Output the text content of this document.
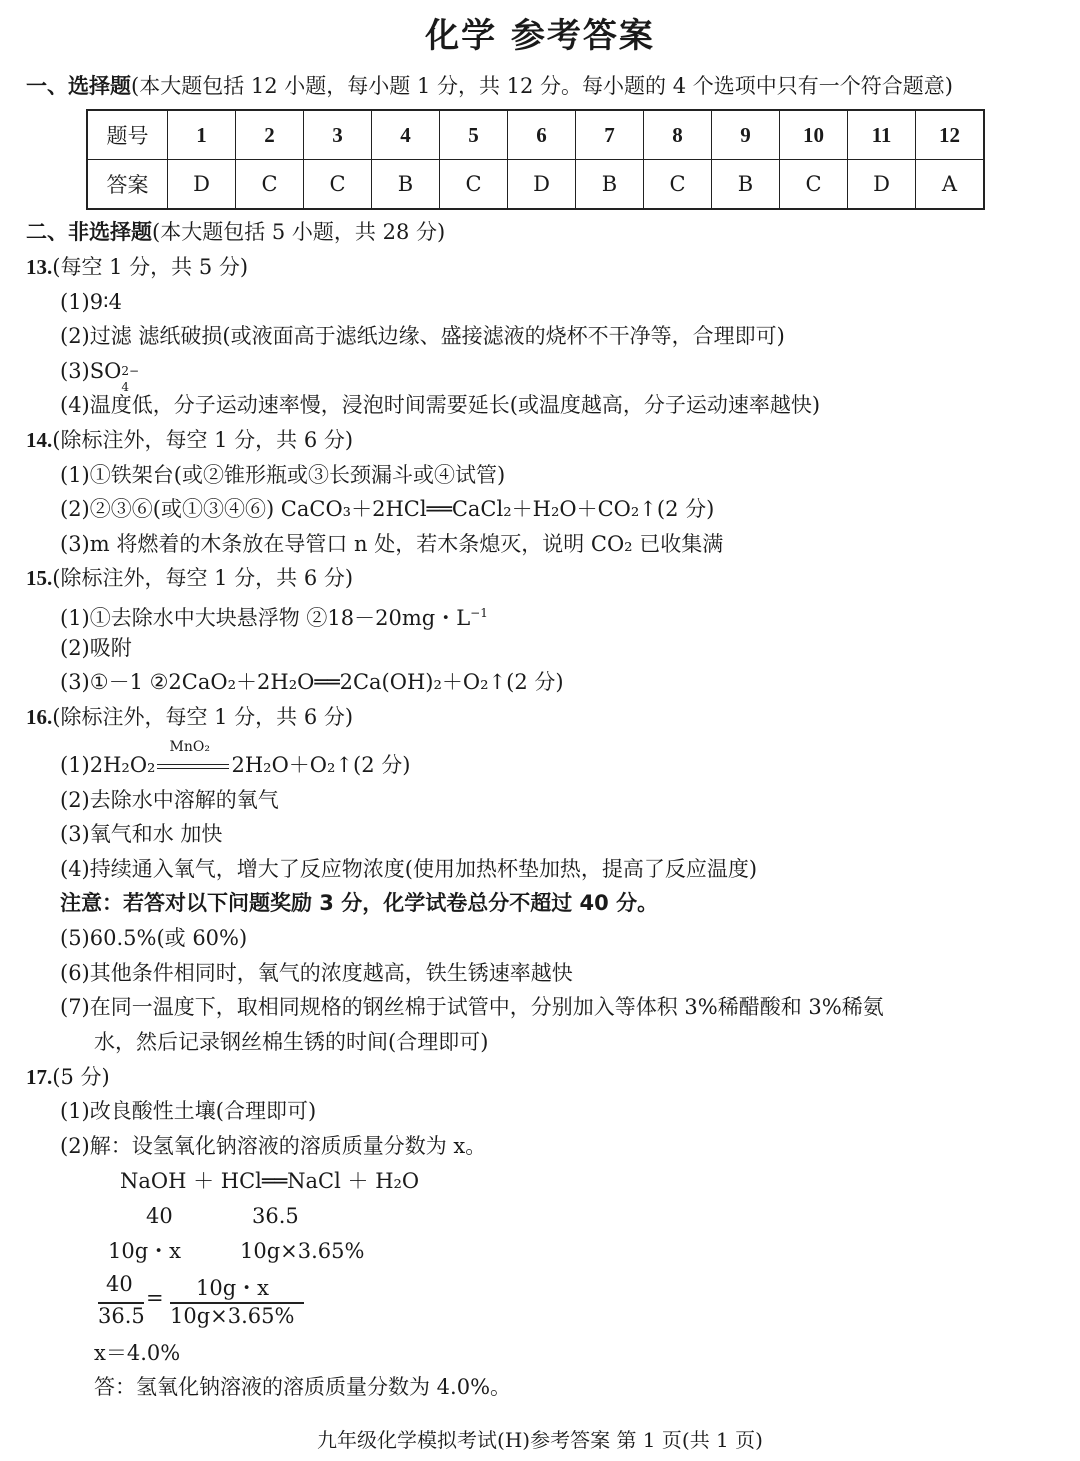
化学 参考答案
一、选择题(本大题包括 12 小题，每小题 1 分，共 12 分。每小题的 4 个选项中只有一个符合题意)
题号	1	2	3	4	5	6	7	8	9	10	11	12
答案	D	C	C	B	C	D	B	C	B	C	D	A
二、非选择题(本大题包括 5 小题，共 28 分)
13.(每空 1 分，共 5 分)
(1)9∶4
(2)过滤 滤纸破损(或液面高于滤纸边缘、盛接滤液的烧杯不干净等，合理即可)
(3)SO 2−
4
(4)温度低，分子运动速率慢，浸泡时间需要延长(或温度越高，分子运动速率越快)
14.(除标注外，每空 1 分，共 6 分)
(1)①铁架台(或②锥形瓶或③长颈漏斗或④试管)
(2)②③⑥(或①③④⑥) CaCO₃＋2HCl══CaCl₂＋H₂O＋CO₂↑(2 分)
(3)m 将燃着的木条放在导管口 n 处，若木条熄灭，说明 CO₂ 已收集满
15.(除标注外，每空 1 分，共 6 分)
(1)①去除水中大块悬浮物 ②18－20mg・$L^{-1}$
(2)吸附
(3)①－1 ②2CaO₂＋2H₂O══2Ca(OH)₂＋O₂↑(2 分)
16.(除标注外，每空 1 分，共 6 分)
(1)2H₂O₂
MnO₂
2H₂O＋O₂↑(2 分)
(2)去除水中溶解的氧气
(3)氧气和水 加快
(4)持续通入氧气，增大了反应物浓度(使用加热杯垫加热，提高了反应温度)
注意：若答对以下问题奖励 3 分，化学试卷总分不超过 40 分。
(5)60.5%(或 60%)
(6)其他条件相同时，氧气的浓度越高，铁生锈速率越快
(7)在同一温度下，取相同规格的钢丝棉于试管中，分别加入等体积 3%稀醋酸和 3%稀氨
水，然后记录钢丝棉生锈的时间(合理即可)
17.(5 分)
(1)改良酸性土壤(合理即可)
(2)解：设氢氧化钠溶液的溶质质量分数为 x。
NaOH ＋ HCl══NaCl ＋ H₂O
40	36.5
10g・x	10g×3.65%
40
36.5
= 10g・x
10g×3.65%
x＝4.0%
答：氢氧化钠溶液的溶质质量分数为 4.0%。
九年级化学模拟考试(H)参考答案 第 1 页(共 1 页)
